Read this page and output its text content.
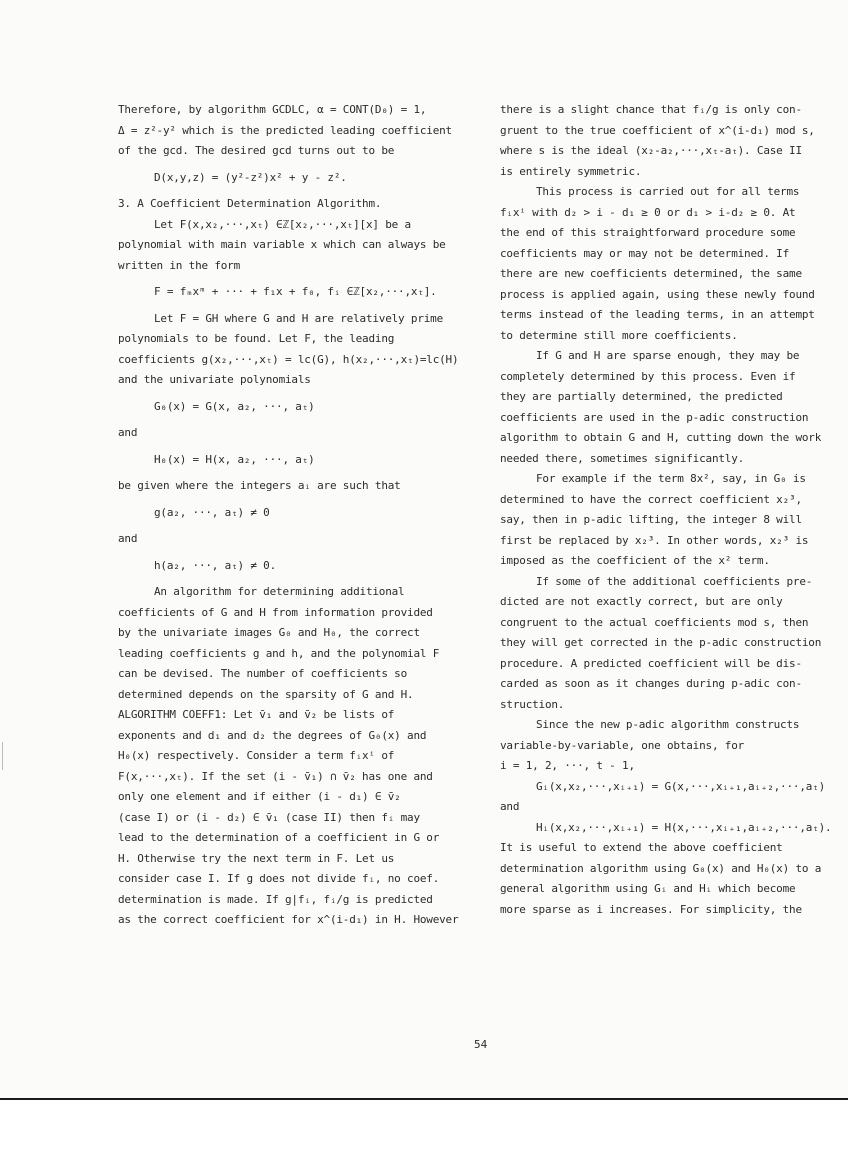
Therefore, by algorithm GCDLC, α = CONT(D₀) = 1,

Δ = z²-y² which is the predicted leading coefficient

of the gcd. The desired gcd turns out to be

D(x,y,z) = (y²-z²)x² + y - z².

3. A Coefficient Determination Algorithm.

Let F(x,x₂,···,xₜ) ∈ℤ[x₂,···,xₜ][x] be a

polynomial with main variable x which can always be

written in the form

F = fₘxᵐ + ··· + f₁x + f₀, fᵢ ∈ℤ[x₂,···,xₜ].

Let F = GH where G and H are relatively prime

polynomials to be found. Let F, the leading

coefficients g(x₂,···,xₜ) = lc(G), h(x₂,···,xₜ)=lc(H)

and the univariate polynomials

G₀(x) = G(x, a₂, ···, aₜ)

and

H₀(x) = H(x, a₂, ···, aₜ)

be given where the integers aᵢ are such that

g(a₂, ···, aₜ) ≠ 0

and

h(a₂, ···, aₜ) ≠ 0.

An algorithm for determining additional

coefficients of G and H from information provided

by the univariate images G₀ and H₀, the correct

leading coefficients g and h, and the polynomial F

can be devised. The number of coefficients so

determined depends on the sparsity of G and H.

ALGORITHM COEFF1: Let v̄₁ and v̄₂ be lists of

exponents and d₁ and d₂ the degrees of G₀(x) and

H₀(x) respectively. Consider a term fᵢxⁱ of

F(x,···,xₜ). If the set (i - v̄₁) ∩ v̄₂ has one and

only one element and if either (i - d₁) ∈ v̄₂

(case I) or (i - d₂) ∈ v̄₁ (case II) then fᵢ may

lead to the determination of a coefficient in G or

H. Otherwise try the next term in F. Let us

consider case I. If g does not divide fᵢ, no coef.

determination is made. If g|fᵢ, fᵢ/g is predicted

as the correct coefficient for x^(i-d₁) in H. However

there is a slight chance that fᵢ/g is only con-

gruent to the true coefficient of x^(i-d₁) mod s,

where s is the ideal (x₂-a₂,···,xₜ-aₜ). Case II

is entirely symmetric.

This process is carried out for all terms

fᵢxⁱ with d₂ > i - d₁ ≥ 0 or d₁ > i-d₂ ≥ 0. At

the end of this straightforward procedure some

coefficients may or may not be determined. If

there are new coefficients determined, the same

process is applied again, using these newly found

terms instead of the leading terms, in an attempt

to determine still more coefficients.

If G and H are sparse enough, they may be

completely determined by this process. Even if

they are partially determined, the predicted

coefficients are used in the p-adic construction

algorithm to obtain G and H, cutting down the work

needed there, sometimes significantly.

For example if the term 8x², say, in G₀ is

determined to have the correct coefficient x₂³,

say, then in p-adic lifting, the integer 8 will

first be replaced by x₂³. In other words, x₂³ is

imposed as the coefficient of the x² term.

If some of the additional coefficients pre-

dicted are not exactly correct, but are only

congruent to the actual coefficients mod s, then

they will get corrected in the p-adic construction

procedure. A predicted coefficient will be dis-

carded as soon as it changes during p-adic con-

struction.

Since the new p-adic algorithm constructs

variable-by-variable, one obtains, for

i = 1, 2, ···, t - 1,

Gᵢ(x,x₂,···,xᵢ₊₁) = G(x,···,xᵢ₊₁,aᵢ₊₂,···,aₜ)

and

Hᵢ(x,x₂,···,xᵢ₊₁) = H(x,···,xᵢ₊₁,aᵢ₊₂,···,aₜ).

It is useful to extend the above coefficient

determination algorithm using G₀(x) and H₀(x) to a

general algorithm using Gᵢ and Hᵢ which become

more sparse as i increases. For simplicity, the

54
